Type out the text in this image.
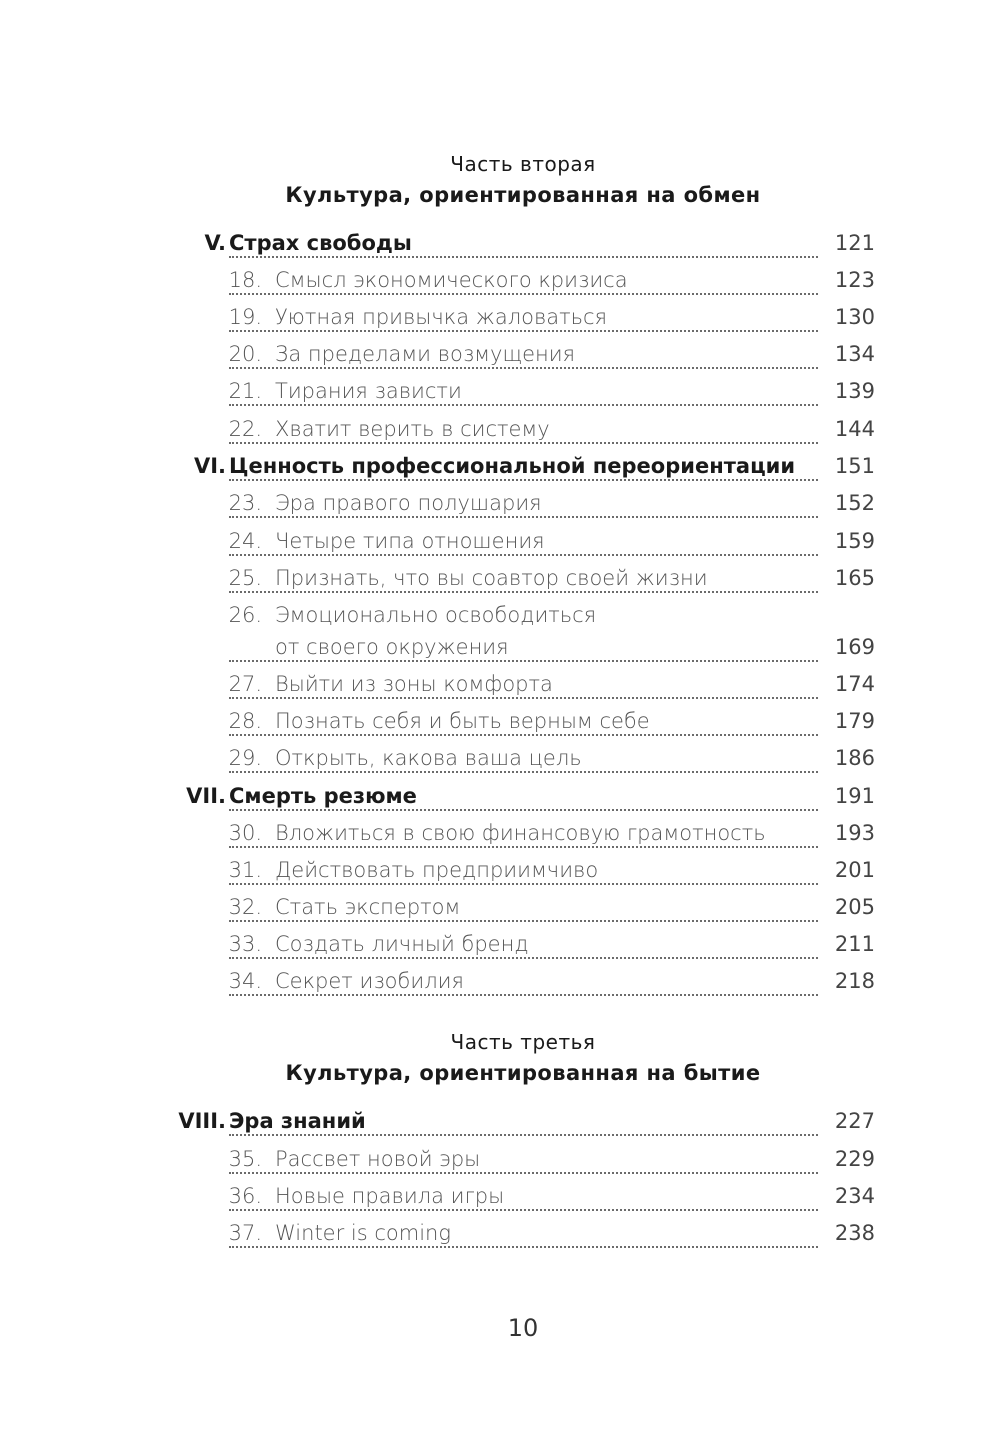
Часть вторая
Культура, ориентированная на обмен
V. Страх свободы	121
18. Смысл экономического кризиса	123
19. Уютная привычка жаловаться	130
20. За пределами возмущения	134
21. Тирания зависти	139
22. Хватит верить в систему	144
VI. Ценность профессиональной переориентации 151
23. Эра правого полушария	152
24. Четыре типа отношения	159
25. Признать, что вы соавтор своей жизни	165
26. Эмоционально освободиться
от своего окружения	169
27. Выйти из зоны комфорта	174
28. Познать себя и быть верным себе	179
29. Открыть, какова ваша цель	186
VII. Смерть резюме	191
30. Вложиться в свою финансовую грамотность	193
31. Действовать предприимчиво	201
32. Стать экспертом	205
33. Создать личный бренд	211
34. Секрет изобилия	218
Часть третья
Культура, ориентированная на бытие
VIII. Эра знаний	227
35. Рассвет новой эры	229
36. Новые правила игры	234
37. Winter is coming	238
10
